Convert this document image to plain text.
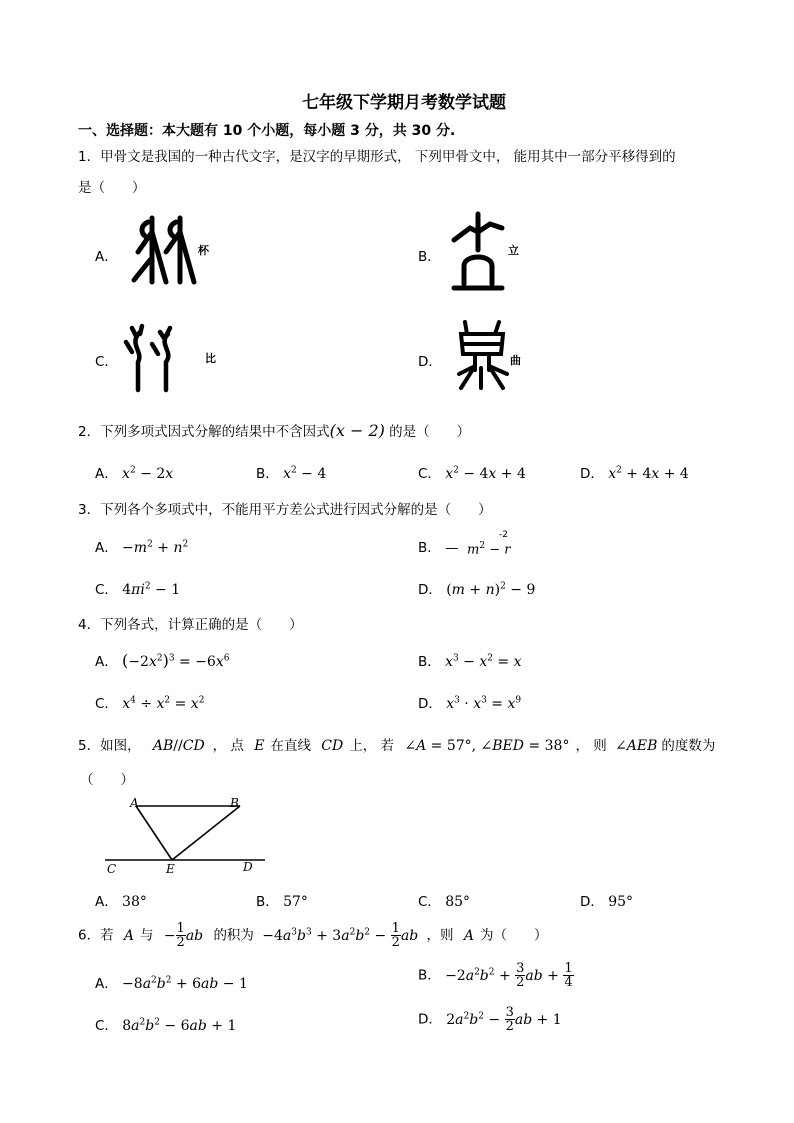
七年级下学期月考数学试题
一、选择题：本大题有 10 个小题，每小题 3 分，共 30 分.
1．甲骨文是我国的一种古代文字，是汉字的早期形式， 下列甲骨文中， 能用其中一部分平移得到的
是（　　）
A．	杯	B．	立
C．	比	D．	曲
2．下列多项式因式分解的结果中不含因式(x − 2) 的是（　　）
A． $x^2 - 2x$	B． $x^2 - 4$	C． $x^2 - 4x + 4$	D． $x^2 + 4x + 4$
3．下列各个多项式中，不能用平方差公式进行因式分解的是（　　）
A． $-m^2 + n^2$	B． — $m^2 - r$
-2
C． $4\pi i^2 - 1$	D． $(m + n)^2 - 9$
4．下列各式，计算正确的是（　　）
A． $(-2x^2)^3 = -6x^6$	B． $x^3 - x^2 = x$
C． $x^4 \div x^2 = x^2$	D． $x^3 \cdot x^3 = x^9$
5．如图， AB//CD ， 点 E 在直线 CD 上， 若 ∠A = 57°, ∠BED = 38° ， 则 ∠AEB 的度数为
（　　）
A	B
C	E	D
A． 38°	B． 57°	C． 85°	D． 95°
6．若 A 与 − $\frac{1}{2}$ ab 的积为 $-4a^3b^3 + 3a^2b^2 - \frac{1}{2}$ ab ，则 A 为（　　）
A． $-8a^2b^2 + 6ab - 1$
B． $-2a^2b^2 + \frac{3}{2}$ ab + $\frac{1}{4}$
C． $8a^2b^2 - 6ab + 1$	D． $2a^2b^2 - \frac{3}{2}$ ab + 1
